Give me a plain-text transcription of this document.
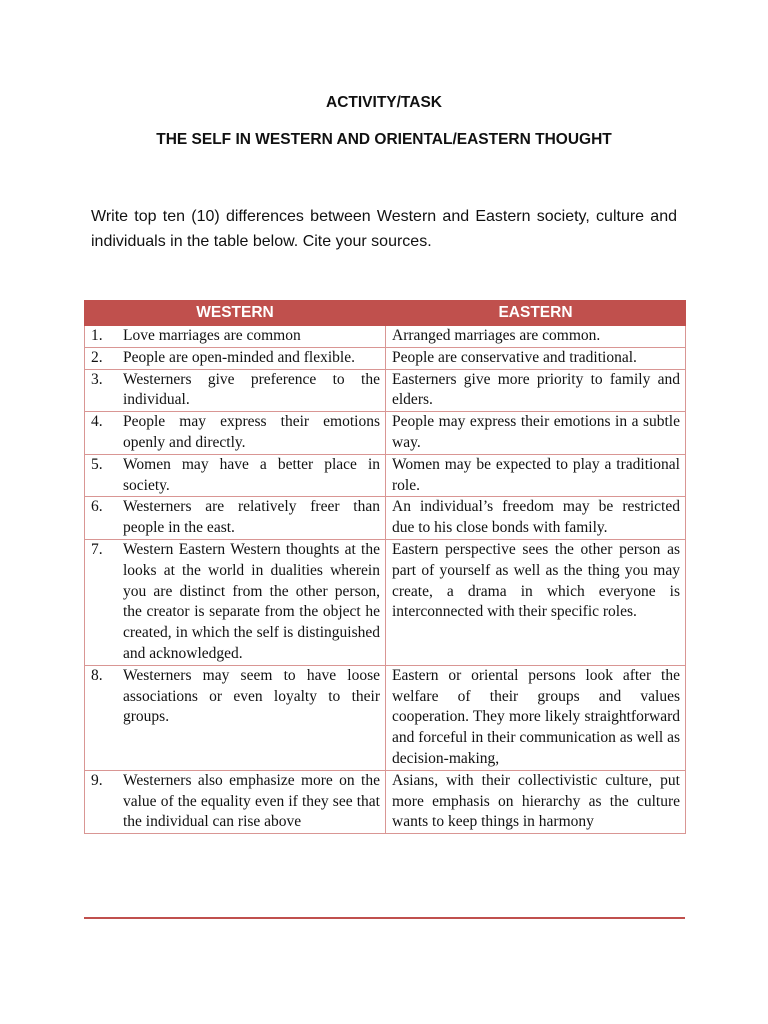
ACTIVITY/TASK
THE SELF IN WESTERN AND ORIENTAL/EASTERN THOUGHT

Write top ten (10) differences between Western and Eastern society, culture and individuals in the table below. Cite your sources.

WESTERN	EASTERN

1. Love marriages are common	Arranged marriages are common.

2. People are open-minded and flexible.	People are conservative and traditional.

3. Westerners give preference to the individual.	Easterners give more priority to family and elders.

4. People may express their emotions openly and directly.	People may express their emotions in a subtle way.

5. Women may have a better place in society.	Women may be expected to play a traditional role.

6. Westerners are relatively freer than people in the east.	An individual’s freedom may be restricted due to his close bonds with family.

7. Western Eastern Western thoughts at the looks at the world in dualities wherein you are distinct from the other person, the creator is separate from the object he created, in which the self is distinguished and acknowledged.	Eastern perspective sees the other person as part of yourself as well as the thing you may create, a drama in which everyone is interconnected with their specific roles.

8. Westerners may seem to have loose associations or even loyalty to their groups.	Eastern or oriental persons look after the welfare of their groups and values cooperation. They more likely straightforward and forceful in their communication as well as decision-making,

9. Westerners also emphasize more on the value of the equality even if they see that the individual can rise above	Asians, with their collectivistic culture, put more emphasis on hierarchy as the culture wants to keep things in harmony
